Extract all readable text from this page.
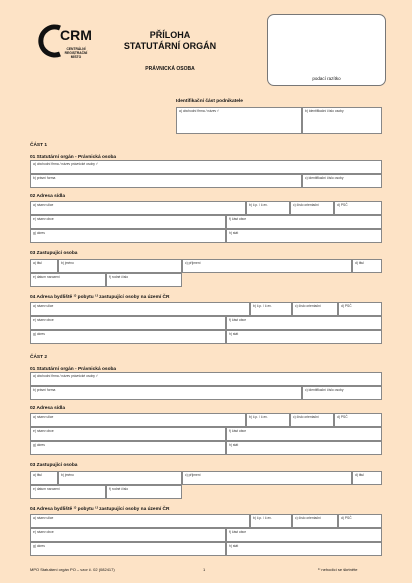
CRM
CENTRÁLNÍ
REGISTRAČNÍ MÍSTO
PŘÍLOHA
STATUTÁRNÍ ORGÁN
PRÁVNICKÁ OSOBA
podací razítko
Identifikační část podnikatele
a) obchodní firma / název ¹⁾	b) identifikační číslo osoby
ČÁST 1
01 Statutární orgán - Právnická osoba
a) obchodní firma / název právnické osoby ¹⁾
b) právní forma	c) identifikační číslo osoby
02 Adresa sídla
a) název ulice	b) č.p. / č.ev.	c) číslo orientační	d) PSČ
e) název obce	f) část obce
g) okres	h) stát
03 Zastupující osoba
a) titul	b) jméno	c) příjmení	d) titul
e) datum narození	f) rodné číslo
04 Adresa bydliště ¹⁾ pobytu ¹⁾ zastupující osoby na území ČR
a) název ulice	b) č.p. / č.ev.	c) číslo orientační	d) PSČ
e) název obce	f) část obce
g) okres	h) stát
ČÁST 2
01 Statutární orgán - Právnická osoba
a) obchodní firma / název právnické osoby ¹⁾
b) právní forma	c) identifikační číslo osoby
02 Adresa sídla
a) název ulice	b) č.p. / č.ev.	c) číslo orientační	d) PSČ
e) název obce	f) část obce
g) okres	h) stát
03 Zastupující osoba
a) titul	b) jméno	c) příjmení	d) titul
e) datum narození	f) rodné číslo
04 Adresa bydliště ¹⁾ pobytu ¹⁾ zastupující osoby na území ČR
a) název ulice	b) č.p. / č.ev.	c) číslo orientační	d) PSČ
e) název obce	f) část obce
g) okres	h) stát
MPO Statutární orgán PO – vzor č. 02 (082417)	1	¹⁾ nehodící se škrtněte
